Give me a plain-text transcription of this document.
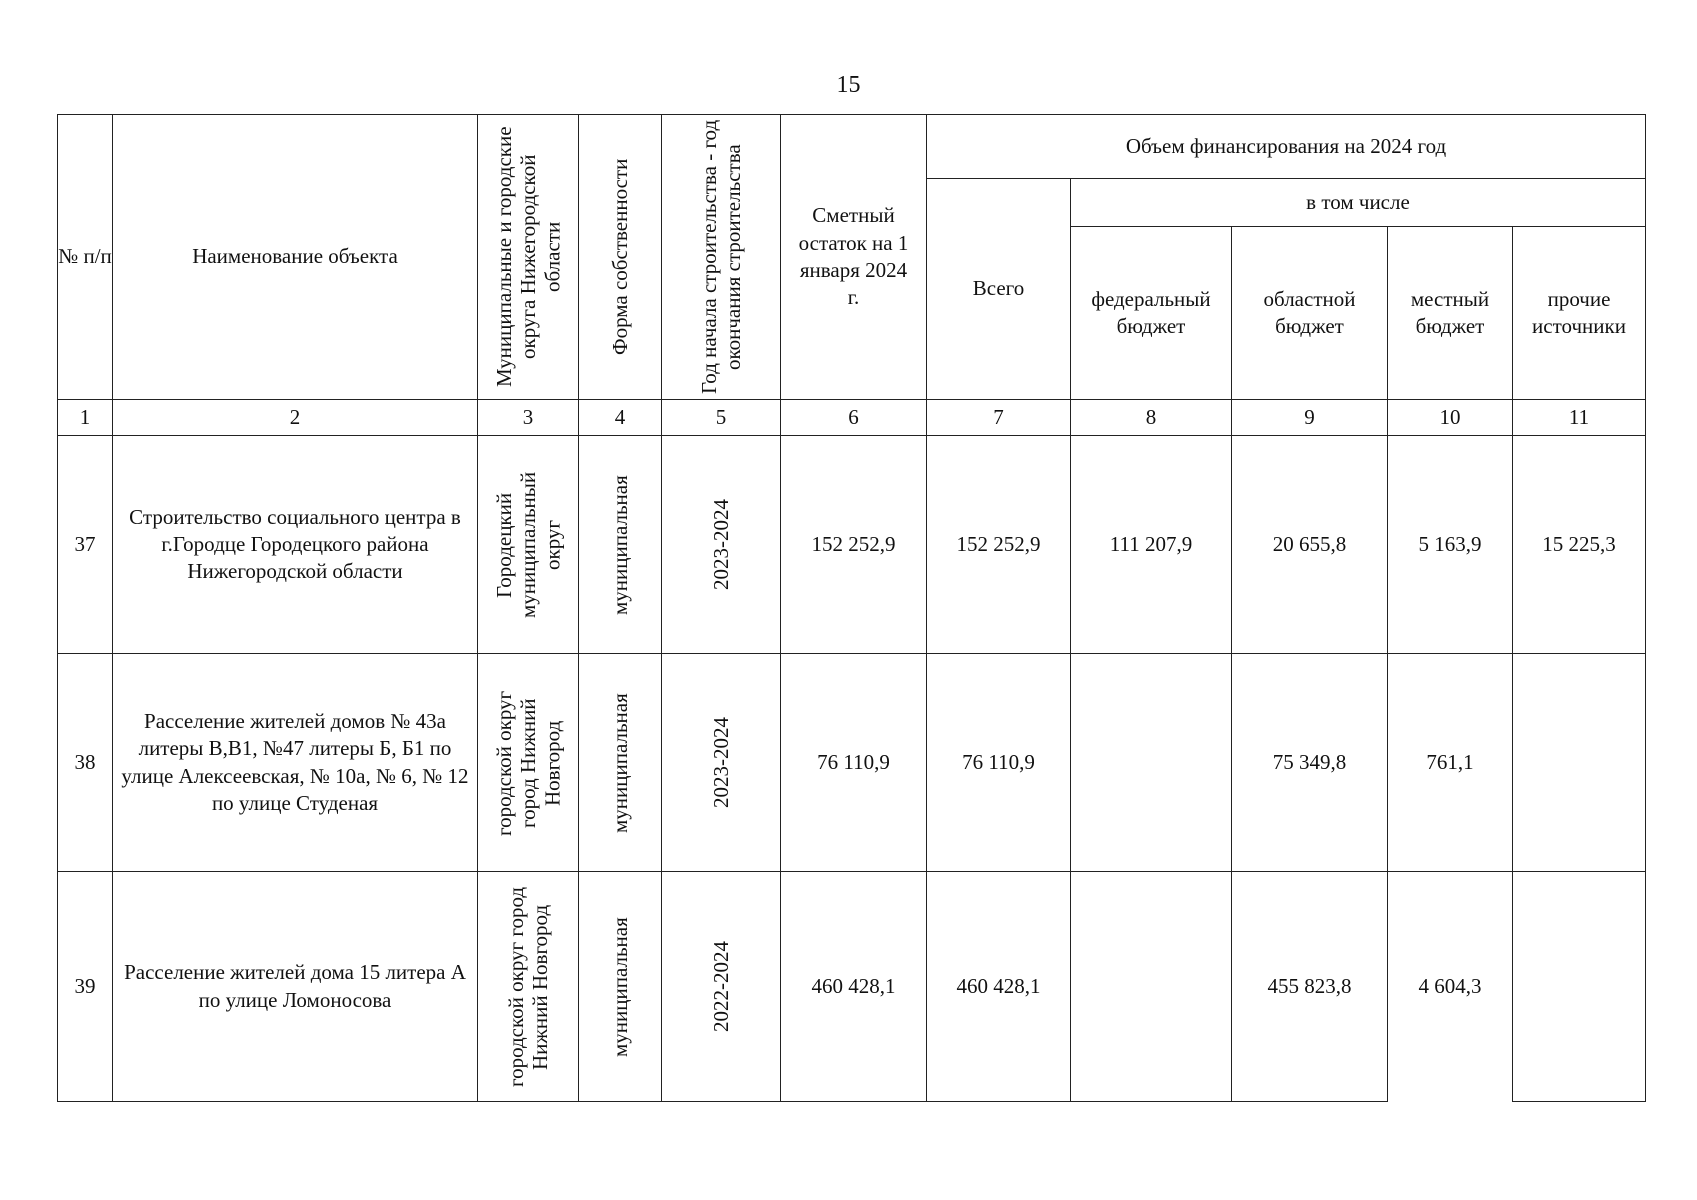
15
№ п/п	Наименование объекта	Муниципальные и городские округа Нижегородской области	Форма собственности	Год начала строительства - год окончания строительства	Сметный остаток на 1 января 2024 г.	Объем финансирования на 2024 год				
						Всего	в том числе			
							федеральный бюджет	областной бюджет	местный бюджет	прочие источники
1	2	3	4	5	6	7	8	9	10	11
37	Строительство социального центра в г.Городце Городецкого района Нижегородской области	Городецкий муниципальный округ	муниципальная	2023-2024	152 252,9	152 252,9	111 207,9	20 655,8	5 163,9	15 225,3
38	Расселение жителей домов № 43а литеры В,В1, №47 литеры Б, Б1 по улице Алексеевская, № 10а, № 6, № 12 по улице Студеная	городской округ город Нижний Новгород	муниципальная	2023-2024	76 110,9	76 110,9		75 349,8	761,1	
39	Расселение жителей дома 15 литера А по улице Ломоносова	городской округ город Нижний Новгород	муниципальная	2022-2024	460 428,1	460 428,1		455 823,8	4 604,3	
